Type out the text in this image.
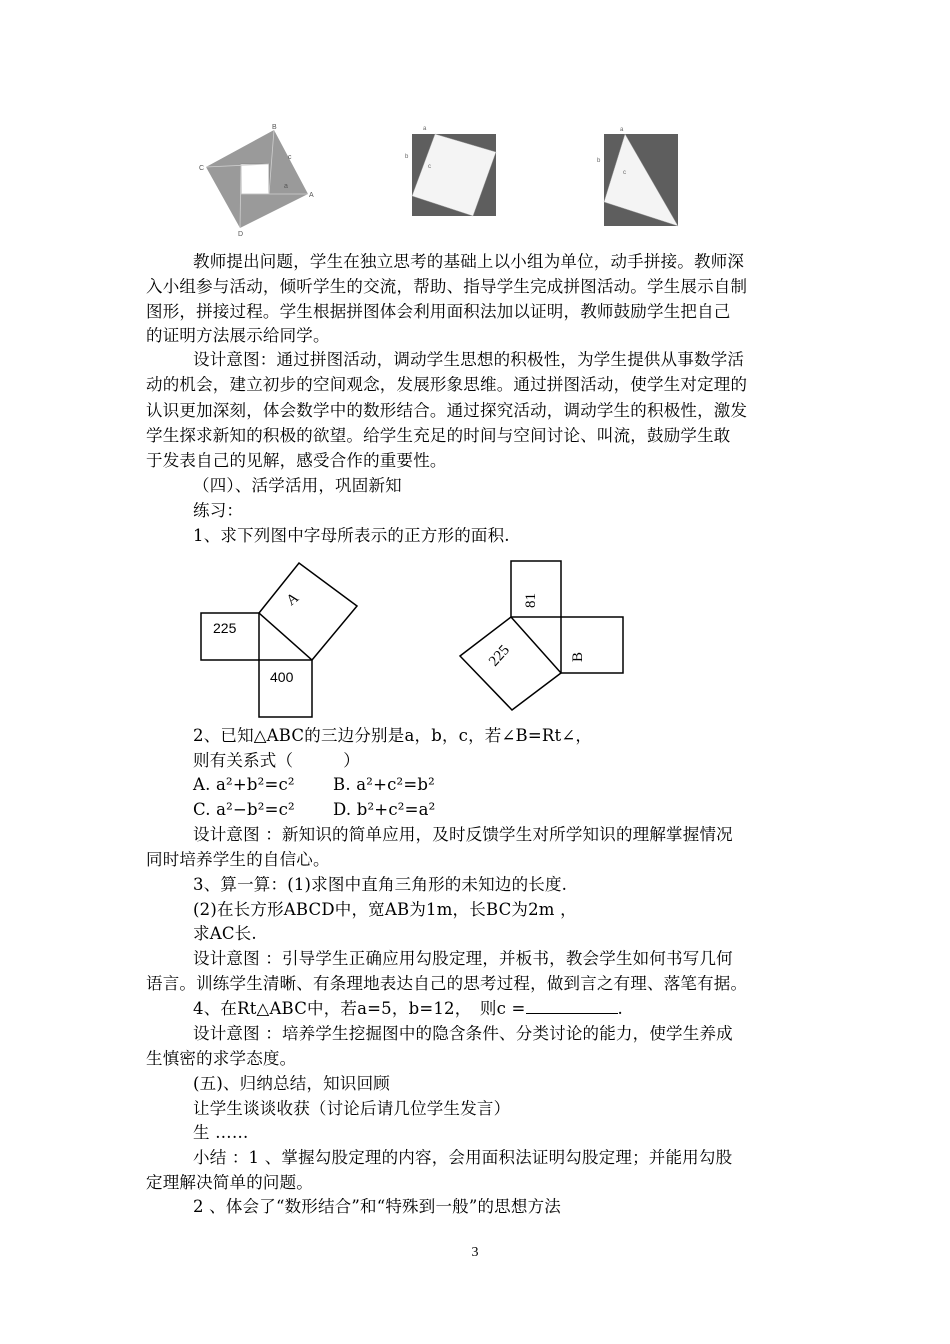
B
C
c
a
A
D
a
b
c
a
b
c
教师提出问题，学生在独立思考的基础上以小组为单位，动手拼接。教师深
入小组参与活动，倾听学生的交流，帮助、指导学生完成拼图活动。学生展示自制
图形，拼接过程。学生根据拼图体会利用面积法加以证明，教师鼓励学生把自己
的证明方法展示给同学。
设计意图：通过拼图活动，调动学生思想的积极性，为学生提供从事数学活
动的机会，建立初步的空间观念，发展形象思维。通过拼图活动，使学生对定理的
认识更加深刻，体会数学中的数形结合。通过探究活动，调动学生的积极性，激发
学生探求新知的积极的欲望。给学生充足的时间与空间讨论、叫流，鼓励学生敢
于发表自己的见解，感受合作的重要性。
（四）、活学活用，巩固新知
练习：
1、求下列图中字母所表示的正方形的面积.
225
400
A	81
B
225
2、已知△ABC的三边分别是a，b，c，若∠B=Rt∠，
则有关系式（　　　）
A. a²+b²=c²	B. a²+c²=b²
C. a²−b²=c²	D. b²+c²=a²
设计意图 ：新知识的简单应用，及时反馈学生对所学知识的理解掌握情况
同时培养学生的自信心。
3、算一算：(1)求图中直角三角形的未知边的长度.
(2)在长方形ABCD中，宽AB为1m，长BC为2m ，
求AC长.
设计意图 ：引导学生正确应用勾股定理，并板书，教会学生如何书写几何
语言。训练学生清晰、有条理地表达自己的思考过程，做到言之有理、落笔有据。
4、在Rt△ABC中，若a=5，b=12，　则c =	.
设计意图 ：培养学生挖掘图中的隐含条件、分类讨论的能力，使学生养成
生慎密的求学态度。
(五)、归纳总结，知识回顾
让学生谈谈收获（讨论后请几位学生发言）
生 ……
小结 ：1 、掌握勾股定理的内容，会用面积法证明勾股定理；并能用勾股
定理解决简单的问题。
2 、体会了“数形结合”和“特殊到一般”的思想方法
3
